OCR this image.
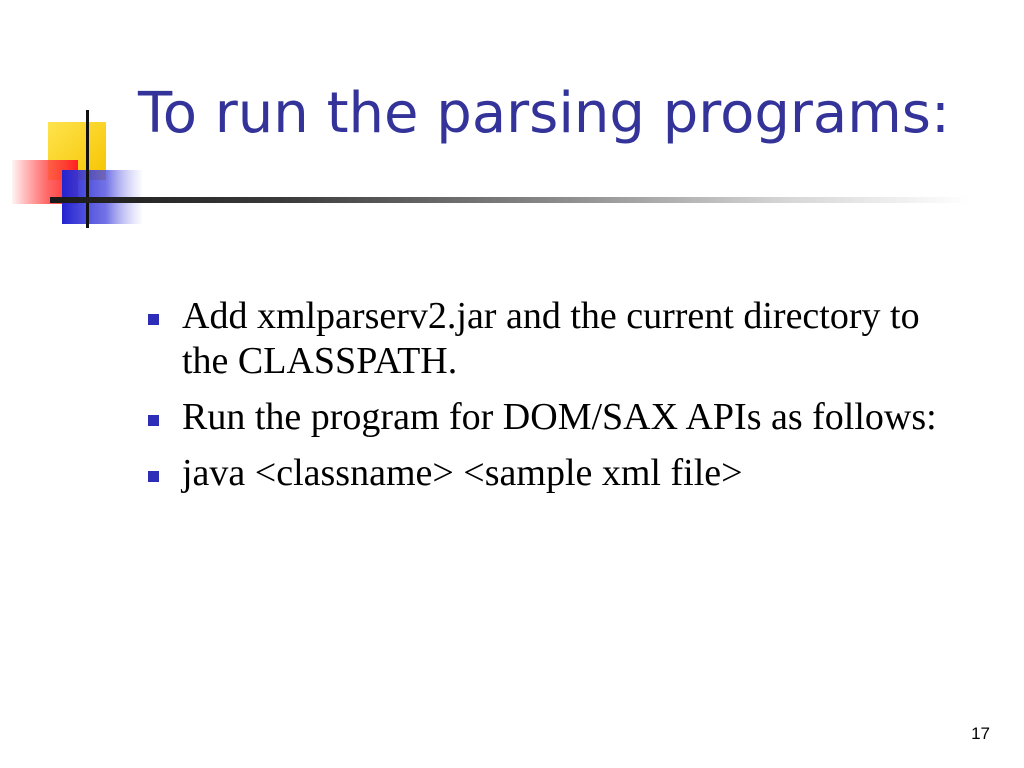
To run the parsing programs:
Add xmlparserv2.jar and the current directory to the CLASSPATH.
Run the program for DOM/SAX APIs as follows:
java <classname> <sample xml file>
17
